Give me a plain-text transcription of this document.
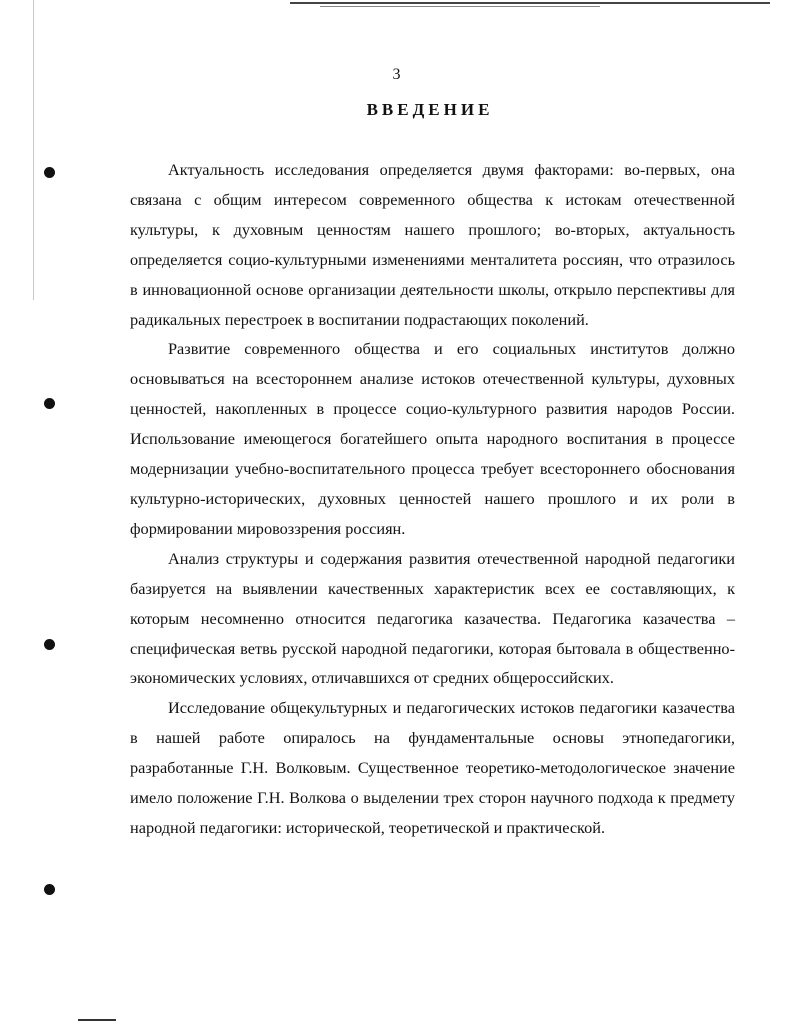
3
ВВЕДЕНИЕ

Актуальность исследования определяется двумя факторами: во-первых, она связана с общим интересом современного общества к истокам отечественной культуры, к духовным ценностям нашего прошлого; во-вторых, актуальность определяется социо-культурными изменениями менталитета россиян, что отразилось в инновационной основе организации деятельности школы, открыло перспективы для радикальных перестроек в воспитании подрастающих поколений.

Развитие современного общества и его социальных институтов должно основываться на всестороннем анализе истоков отечественной культуры, духовных ценностей, накопленных в процессе социо-культурного развития народов России. Использование имеющегося богатейшего опыта народного воспитания в процессе модернизации учебно-воспитательного процесса требует всестороннего обоснования культурно-исторических, духовных ценностей нашего прошлого и их роли в формировании мировоззрения россиян.

Анализ структуры и содержания развития отечественной народной педагогики базируется на выявлении качественных характеристик всех ее составляющих, к которым несомненно относится педагогика казачества. Педагогика казачества – специфическая ветвь русской народной педагогики, которая бытовала в общественно-экономических условиях, отличавшихся от средних общероссийских.

Исследование общекультурных и педагогических истоков педагогики казачества в нашей работе опиралось на фундаментальные основы этнопедагогики, разработанные Г.Н. Волковым. Существенное теоретико-методологическое значение имело положение Г.Н. Волкова о выделении трех сторон научного подхода к предмету народной педагогики: исторической, теоретической и практической.
